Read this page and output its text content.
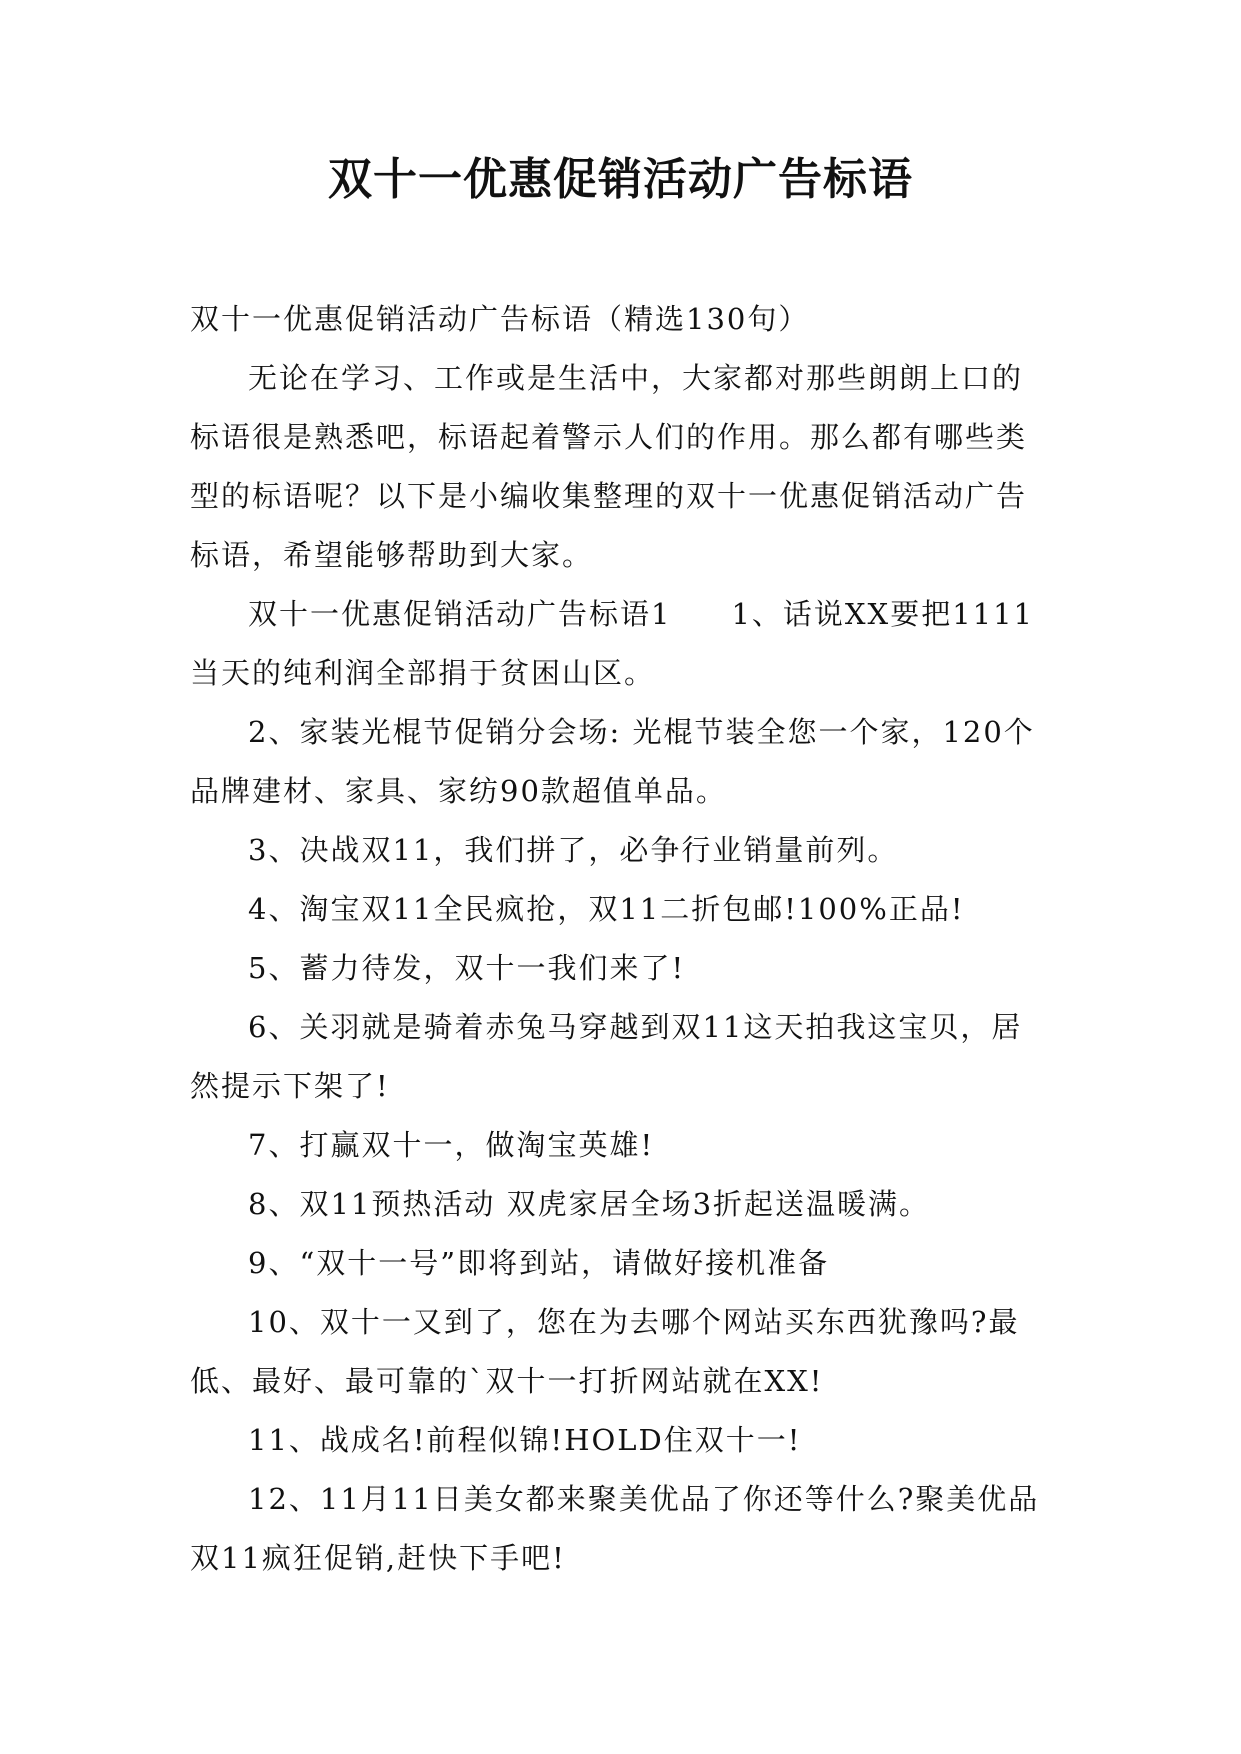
双十一优惠促销活动广告标语

双十一优惠促销活动广告标语（精选130句）

无论在学习、工作或是生活中，大家都对那些朗朗上口的标语很是熟悉吧，标语起着警示人们的作用。那么都有哪些类型的标语呢？以下是小编收集整理的双十一优惠促销活动广告标语，希望能够帮助到大家。

双十一优惠促销活动广告标语1 1、话说XX要把1111当天的纯利润全部捐于贫困山区。

2、家装光棍节促销分会场: 光棍节装全您一个家，120个品牌建材、家具、家纺90款超值单品。

3、决战双11，我们拼了，必争行业销量前列。

4、淘宝双11全民疯抢，双11二折包邮!100%正品!

5、蓄力待发，双十一我们来了!

6、关羽就是骑着赤兔马穿越到双11这天拍我这宝贝，居然提示下架了!

7、打赢双十一，做淘宝英雄!

8、双11预热活动 双虎家居全场3折起送温暖满。

9、“双十一号”即将到站，请做好接机准备

10、双十一又到了，您在为去哪个网站买东西犹豫吗?最低、最好、最可靠的`双十一打折网站就在XX!

11、战成名!前程似锦!HOLD住双十一!

12、11月11日美女都来聚美优品了你还等什么?聚美优品双11疯狂促销,赶快下手吧!
